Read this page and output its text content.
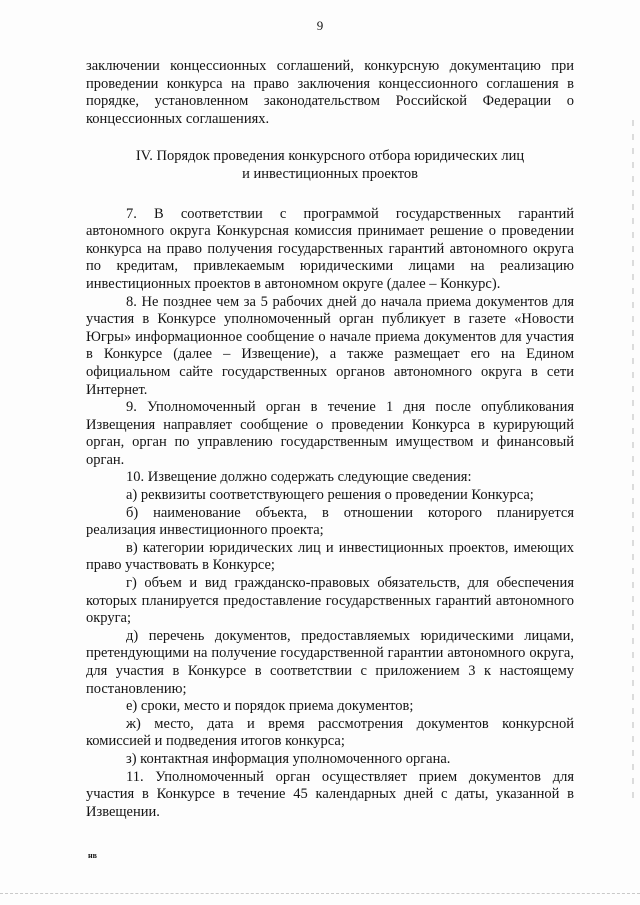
9

заключении концессионных соглашений, конкурсную документацию при проведении конкурса на право заключения концессионного соглашения в порядке, установленном законодательством Российской Федерации о концессионных соглашениях.

IV. Порядок проведения конкурсного отбора юридических лиц

и инвестиционных проектов

7. В соответствии с программой государственных гарантий автономного округа Конкурсная комиссия принимает решение о проведении конкурса на право получения государственных гарантий автономного округа по кредитам, привлекаемым юридическими лицами на реализацию инвестиционных проектов в автономном округе (далее – Конкурс).

8. Не позднее чем за 5 рабочих дней до начала приема документов для участия в Конкурсе уполномоченный орган публикует в газете «Новости Югры» информационное сообщение о начале приема документов для участия в Конкурсе (далее – Извещение), а также размещает его на Едином официальном сайте государственных органов автономного округа в сети Интернет.

9. Уполномоченный орган в течение 1 дня после опубликования Извещения направляет сообщение о проведении Конкурса в курирующий орган, орган по управлению государственным имуществом и финансовый орган.

10. Извещение должно содержать следующие сведения:

а) реквизиты соответствующего решения о проведении Конкурса;

б) наименование объекта, в отношении которого планируется реализация инвестиционного проекта;

в) категории юридических лиц и инвестиционных проектов, имеющих право участвовать в Конкурсе;

г) объем и вид гражданско-правовых обязательств, для обеспечения которых планируется предоставление государственных гарантий автономного округа;

д) перечень документов, предоставляемых юридическими лицами, претендующими на получение государственной гарантии автономного округа, для участия в Конкурсе в соответствии с приложением 3 к настоящему постановлению;

е) сроки, место и порядок приема документов;

ж) место, дата и время рассмотрения документов конкурсной комиссией и подведения итогов конкурса;

з) контактная информация уполномоченного органа.

11. Уполномоченный орган осуществляет прием документов для участия в Конкурсе в течение 45 календарных дней с даты, указанной в Извещении.

нв
